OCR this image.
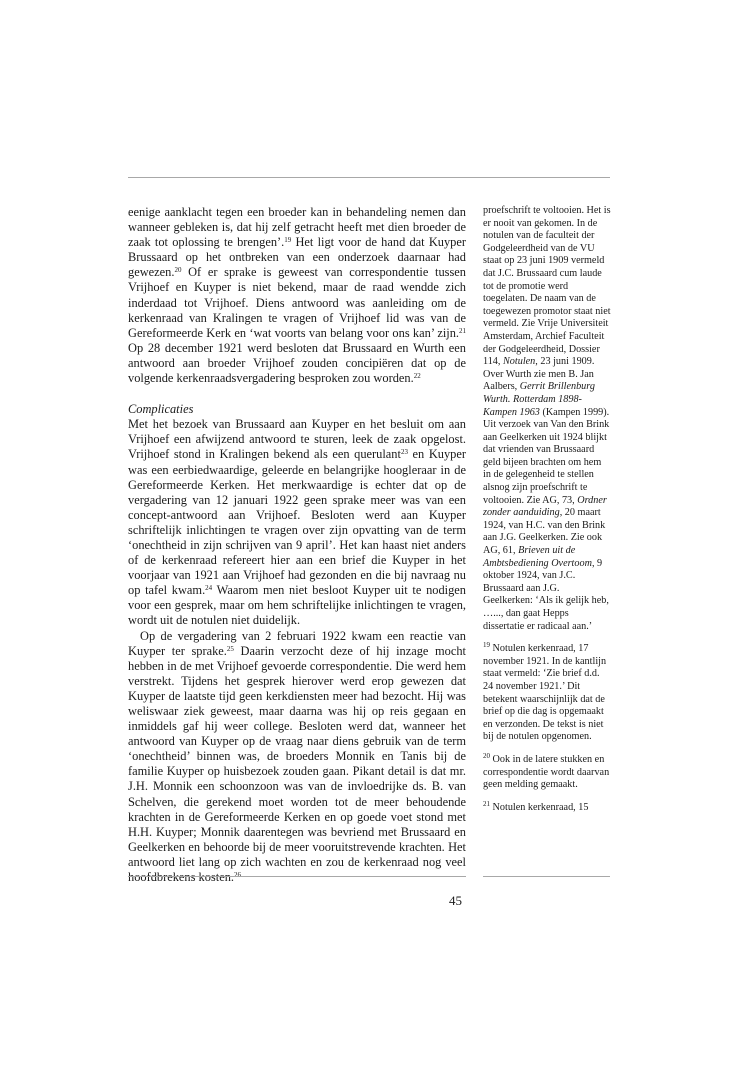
eenige aanklacht tegen een broeder kan in behandeling nemen dan wanneer gebleken is, dat hij zelf getracht heeft met dien broeder de zaak tot oplossing te brengen’.$^{19}$ Het ligt voor de hand dat Kuyper Brussaard op het ontbreken van een onderzoek daarnaar had gewezen.$^{20}$ Of er sprake is geweest van correspondentie tussen Vrijhoef en Kuyper is niet bekend, maar de raad wendde zich inderdaad tot Vrijhoef. Diens antwoord was aanleiding om de kerkenraad van Kralingen te vragen of Vrijhoef lid was van de Gereformeerde Kerk en ‘wat voorts van belang voor ons kan’ zijn.$^{21}$ Op 28 december 1921 werd besloten dat Brussaard en Wurth een antwoord aan broeder Vrijhoef zouden concipiëren dat op de volgende kerkenraadsvergadering besproken zou worden.$^{22}$

Complicaties

Met het bezoek van Brussaard aan Kuyper en het besluit om aan Vrijhoef een afwijzend antwoord te sturen, leek de zaak opgelost. Vrijhoef stond in Kralingen bekend als een querulant$^{23}$ en Kuyper was een eerbiedwaardige, geleerde en belangrijke hoogleraar in de Gereformeerde Kerken. Het merkwaardige is echter dat op de vergadering van 12 januari 1922 geen sprake meer was van een concept-antwoord aan Vrijhoef. Besloten werd aan Kuyper schriftelijk inlichtingen te vragen over zijn opvatting van de term ‘onechtheid in zijn schrijven van 9 april’. Het kan haast niet anders of de kerkenraad refereert hier aan een brief die Kuyper in het voorjaar van 1921 aan Vrijhoef had gezonden en die bij navraag nu op tafel kwam.$^{24}$ Waarom men niet besloot Kuyper uit te nodigen voor een gesprek, maar om hem schriftelijke inlichtingen te vragen, wordt uit de notulen niet duidelijk.

Op de vergadering van 2 februari 1922 kwam een reactie van Kuyper ter sprake.$^{25}$ Daarin verzocht deze of hij inzage mocht hebben in de met Vrijhoef gevoerde correspondentie. Die werd hem verstrekt. Tijdens het gesprek hierover werd erop gewezen dat Kuyper de laatste tijd geen kerkdiensten meer had bezocht. Hij was weliswaar ziek geweest, maar daarna was hij op reis gegaan en inmiddels gaf hij weer college. Besloten werd dat, wanneer het antwoord van Kuyper op de vraag naar diens gebruik van de term ‘onechtheid’ binnen was, de broeders Monnik en Tanis bij de familie Kuyper op huisbezoek zouden gaan. Pikant detail is dat mr. J.H. Monnik een schoonzoon was van de invloedrijke ds. B. van Schelven, die gerekend moet worden tot de meer behoudende krachten in de Gereformeerde Kerken en op goede voet stond met H.H. Kuyper; Monnik daarentegen was bevriend met Brussaard en Geelkerken en behoorde bij de meer vooruitstrevende krachten. Het antwoord liet lang op zich wachten en zou de kerkenraad nog veel hoofdbrekens kosten.$^{26}$

proefschrift te voltooien. Het is er nooit van gekomen. In de notulen van de faculteit der Godgeleerdheid van de VU staat op 23 juni 1909 vermeld dat J.C. Brussaard cum laude tot de promotie werd toegelaten. De naam van de toegewezen promotor staat niet vermeld. Zie Vrije Universiteit Amsterdam, Archief Faculteit der Godgeleerdheid, Dossier 114, Notulen, 23 juni 1909. Over Wurth zie men B. Jan Aalbers, Gerrit Brillenburg Wurth. Rotterdam 1898-Kampen 1963 (Kampen 1999). Uit verzoek van Van den Brink aan Geelkerken uit 1924 blijkt dat vrienden van Brussaard geld bijeen brachten om hem in de gelegenheid te stellen alsnog zijn proefschrift te voltooien. Zie AG, 73, Ordner zonder aanduiding, 20 maart 1924, van H.C. van den Brink aan J.G. Geelkerken. Zie ook AG, 61, Brieven uit de Ambtsbediening Overtoom, 9 oktober 1924, van J.C. Brussaard aan J.G. Geelkerken: ‘Als ik gelijk heb, …..., dan gaat Hepps dissertatie er radicaal aan.’

$^{19}$ Notulen kerkenraad, 17 november 1921. In de kantlijn staat vermeld: ‘Zie brief d.d. 24 november 1921.’ Dit betekent waarschijnlijk dat de brief op die dag is opgemaakt en verzonden. De tekst is niet bij de notulen opgenomen.

$^{20}$ Ook in de latere stukken en correspondentie wordt daarvan geen melding gemaakt.

$^{21}$ Notulen kerkenraad, 15

45
